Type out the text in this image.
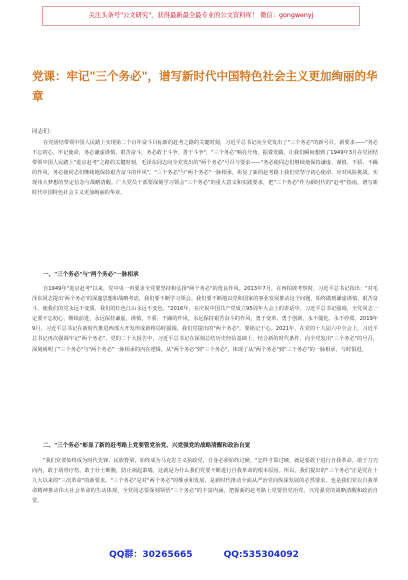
关注头条号"公文研究"，获得最新最全最专业的公文资料库！ 微信：gongwenyj
党课：牢记"三个务必"，谱写新时代中国特色社会主义更加绚丽的华章
同志们：

在党团结带领中国人民踏上实现第二个百年奋斗目标新的赶考之路的关键时刻，习近平总书记向全党发出了"三个务必"的新号召。新要求——"务必不忘初心、牢记使命，务必谦虚谨慎、艰苦奋斗，务必敢于斗争、善于斗争"，"三个务必"响亮号角，振聋发聩，让我们瞬间想到了1949年3月在党团结带领中国人民踏上"进京赶考"之路的关键时刻，毛泽东同志向全党发出的"两个务必"号召与要求——"务必使同志们继续地保持谦虚、谨慎、不骄、不躁的作风，务必使同志们继续地保持艰苦奋斗的作风"。"三个务必"与"两个务必"一脉相承，彰显了新的赶考路上我们党坚守初心使命、应对风险挑战、实现伟大梦想的坚定信念与战略清醒。广大党员干部要深刻学习领会"三个务必"的重大意义和实践要求，把"三个务必"作为新时代的"赶考"指南，谱写新时代中国特色社会主义更加绚丽的华章。

一、"三个务必"与"两个务必"一脉相承

自1949年"进京赶考"以来，党中央一再要求全党要坚持和弘扬"两个务必"的优良作风。2013年7月，在西柏坡考察时，习近平总书记指出："对毛泽东同志提出'两个务必'的深邃思想和战略考虑，我们要不断学习领会。我们要不断地以党和国家的事业发展推动这个问题，始终做到谦虚谨慎、艰苦奋斗，使我们的党永远不变质、我们的红色江山永远不变色。"2016年，在庆祝中国共产党成立95周年大会上的讲话中，习近平总书记强调，全党同志一定要不忘初心、继续前进，永远保持谦虚、谨慎、不骄、不躁的作风，永远保持艰苦奋斗的作风，勇于变革、勇于创新，永不僵化、永不停滞。2019年9月，习近平总书记在新时代推进西部大开发形成新格局时强调，我们党提出的"两个务必"，要铭记于心。2021年，在党的十九届六中全会上，习近平总书记再次强调牢记"两个务必"。党的二十大报告中，习近平总书记在深刻总结历史经验基础上，结合新的时代条件，向全党发出"三个务必"的号召，深刻阐明了"三个务必"与"两个务必"一脉相承的内在逻辑。从"两个务必"到"三个务必"，体现了从"两个务必"到"三个务必"的一脉相承，与时俱进。

二、"三个务必"彰显了新的赶考路上党要管党治党、兴党强党的战略清醒和政治自觉

"我们党要始终成为时代先锋、民族脊梁，始终成为马克思主义执政党，自身必须始终过硬。"怎样才算过硬，就是要敢于进行自我革命，敢于刀刃向内，敢于刮骨疗伤，敢于壮士断腕，防止祸起萧墙，这就是为什么我们党要不断进行自我革命的根本原因。所以，我们提出的"三个务必"正是党在十九大以来的"三次革命"的新要求。"三个务必"是对"两个务必"的继承和发展，是新时代推动全面从严治党向纵深发展的必然要求，也是我们党以自我革命精神推动伟大社会革命的生动体现，全党同志要深刻领悟"三个务必"的丰富内涵，把握新的赶考路上党要管党治党、兴党强党的战略清醒和政治自觉。

QQ群：30265665	QQ:535304092
